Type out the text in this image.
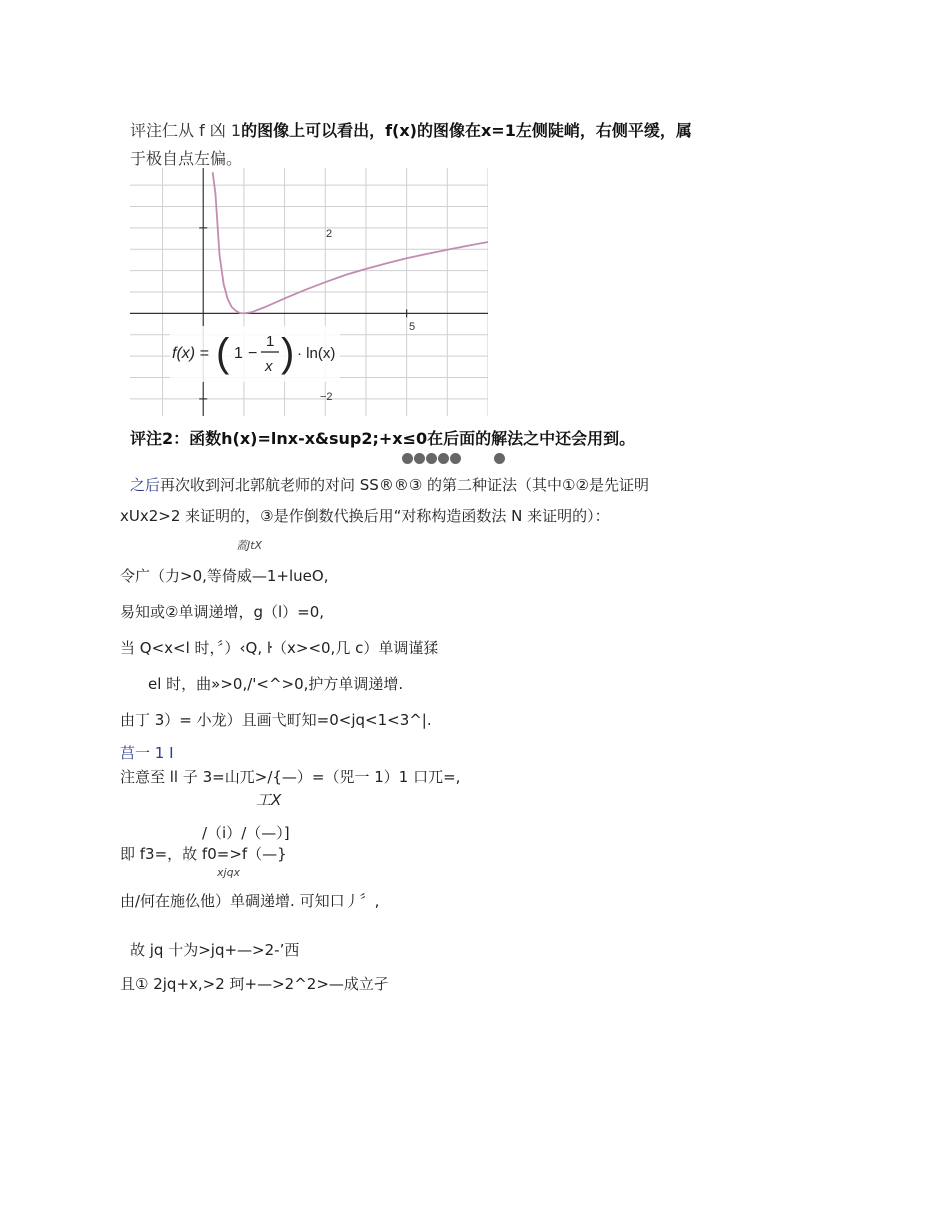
评注仁从 f 凶 1的图像上可以看出，f(x)的图像在x=1左侧陡峭，右侧平缓，属
于极自点左偏。
2
−2
5
f(x) = ( 1 −
1
x ) · ln(x)
评注2：函数h(x)=lnx-x&sup2;+x≤0在后面的解法之中还会用到。
之后再次收到河北郭航老师的对问 SS®®③ 的第二种证法（其中①②是先证明
xUx2>2 来证明的，③是作倒数代换后用“对称构造函数法 N 来证明的）：
蓋JtX
令广（力>0,等倚威—1+lueO,
易知或②单调递增，g（l）=0,
当 Q<x<l 时，〞）‹Q, ŀ（x><0,几 c）单调谨猱
el 时，曲»>0,/'<^>0,护方单调递增.
由丁 3）= 小龙）且画弋町知=0<jq<1<3^|.
莒一 1 I
注意至 ll 子 3=山兀>/{—）=（兕一 1）1 口兀=,
工X
/（i）/（—）]
即 f3=，故 f0=>f（—}
xjqx
由/何在施仫他）单碉递增. 可知口丿〞,
故 jq 十为>jq+—>2-’西
且① 2jq+x,>2 珂+—>2^2>—成立孑
